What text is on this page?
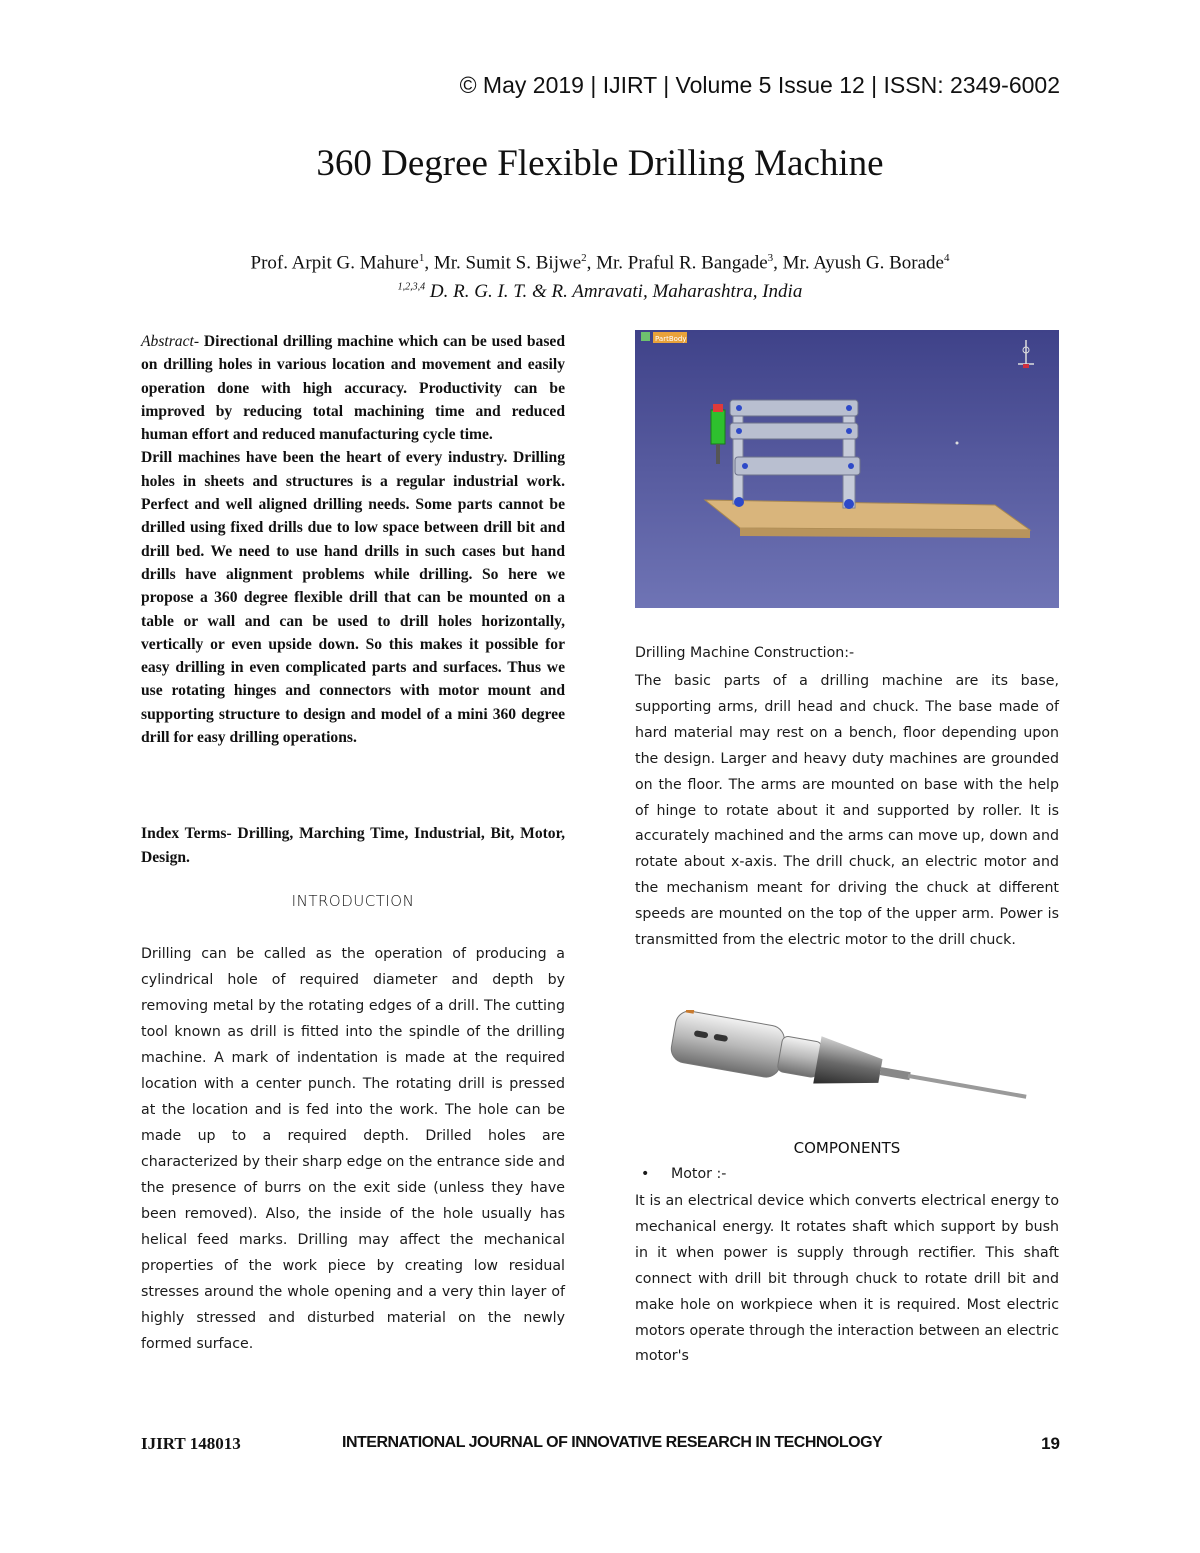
© May 2019 | IJIRT | Volume 5 Issue 12 | ISSN: 2349-6002
360 Degree Flexible Drilling Machine
Prof. Arpit G. Mahure$^1$, Mr. Sumit S. Bijwe$^2$, Mr. Praful R. Bangade$^3$, Mr. Ayush G. Borade$^4$
$^{1,2,3,4}$ D. R. G. I. T. & R. Amravati, Maharashtra, India

Abstract- Directional drilling machine which can be used based on drilling holes in various location and movement and easily operation done with high accuracy. Productivity can be improved by reducing total machining time and reduced human effort and reduced manufacturing cycle time.

Drill machines have been the heart of every industry. Drilling holes in sheets and structures is a regular industrial work. Perfect and well aligned drilling needs. Some parts cannot be drilled using fixed drills due to low space between drill bit and drill bed. We need to use hand drills in such cases but hand drills have alignment problems while drilling. So here we propose a 360 degree flexible drill that can be mounted on a table or wall and can be used to drill holes horizontally, vertically or even upside down. So this makes it possible for easy drilling in even complicated parts and surfaces. Thus we use rotating hinges and connectors with motor mount and supporting structure to design and model of a mini 360 degree drill for easy drilling operations.

Index Terms- Drilling, Marching Time, Industrial, Bit, Motor, Design.

INTRODUCTION

Drilling can be called as the operation of producing a cylindrical hole of required diameter and depth by removing metal by the rotating edges of a drill. The cutting tool known as drill is fitted into the spindle of the drilling machine. A mark of indentation is made at the required location with a center punch. The rotating drill is pressed at the location and is fed into the work. The hole can be made up to a required depth. Drilled holes are characterized by their sharp edge on the entrance side and the presence of burrs on the exit side (unless they have been removed). Also, the inside of the hole usually has helical feed marks. Drilling may affect the mechanical properties of the work piece by creating low residual stresses around the whole opening and a very thin layer of highly stressed and disturbed material on the newly formed surface.

PartBody
Drilling Machine Construction:-

The basic parts of a drilling machine are its base, supporting arms, drill head and chuck. The base made of hard material may rest on a bench, floor depending upon the design. Larger and heavy duty machines are grounded on the floor. The arms are mounted on base with the help of hinge to rotate about it and supported by roller. It is accurately machined and the arms can move up, down and rotate about x-axis. The drill chuck, an electric motor and the mechanism meant for driving the chuck at different speeds are mounted on the top of the upper arm. Power is transmitted from the electric motor to the drill chuck.

COMPONENTS
• Motor :-

It is an electrical device which converts electrical energy to mechanical energy. It rotates shaft which support by bush in it when power is supply through rectifier. This shaft connect with drill bit through chuck to rotate drill bit and make hole on workpiece when it is required. Most electric motors operate through the interaction between an electric motor's

IJIRT 148013	INTERNATIONAL JOURNAL OF INNOVATIVE RESEARCH IN TECHNOLOGY	19
